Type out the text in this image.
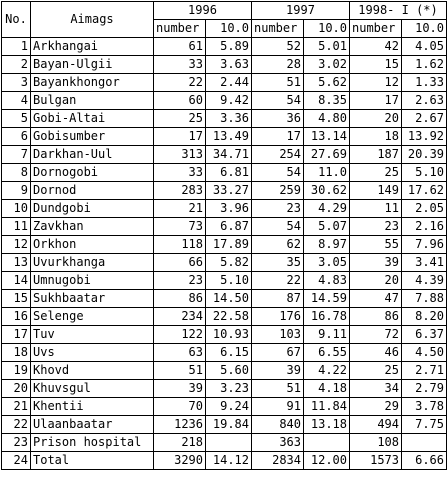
No.	Aimags	1996		1997		1998- I (*)	
		number	10.0	number	10.0	number	10.0
1	Arkhangai	61	5.89	52	5.01	42	4.05
2	Bayan-Ulgii	33	3.63	28	3.02	15	1.62
3	Bayankhongor	22	2.44	51	5.62	12	1.33
4	Bulgan	60	9.42	54	8.35	17	2.63
5	Gobi-Altai	25	3.36	36	4.80	20	2.67
6	Gobisumber	17	13.49	17	13.14	18	13.92
7	Darkhan-Uul	313	34.71	254	27.69	187	20.39
8	Dornogobi	33	6.81	54	11.0	25	5.10
9	Dornod	283	33.27	259	30.62	149	17.62
10	Dundgobi	21	3.96	23	4.29	11	2.05
11	Zavkhan	73	6.87	54	5.07	23	2.16
12	Orkhon	118	17.89	62	8.97	55	7.96
13	Uvurkhanga	66	5.82	35	3.05	39	3.41
14	Umnugobi	23	5.10	22	4.83	20	4.39
15	Sukhbaatar	86	14.50	87	14.59	47	7.88
16	Selenge	234	22.58	176	16.78	86	8.20
17	Tuv	122	10.93	103	9.11	72	6.37
18	Uvs	63	6.15	67	6.55	46	4.50
19	Khovd	51	5.60	39	4.22	25	2.71
20	Khuvsgul	39	3.23	51	4.18	34	2.79
21	Khentii	70	9.24	91	11.84	29	3.78
22	Ulaanbaatar	1236	19.84	840	13.18	494	7.75
23	Prison hospital	218		363		108	
24	Total	3290	14.12	2834	12.00	1573	6.66
